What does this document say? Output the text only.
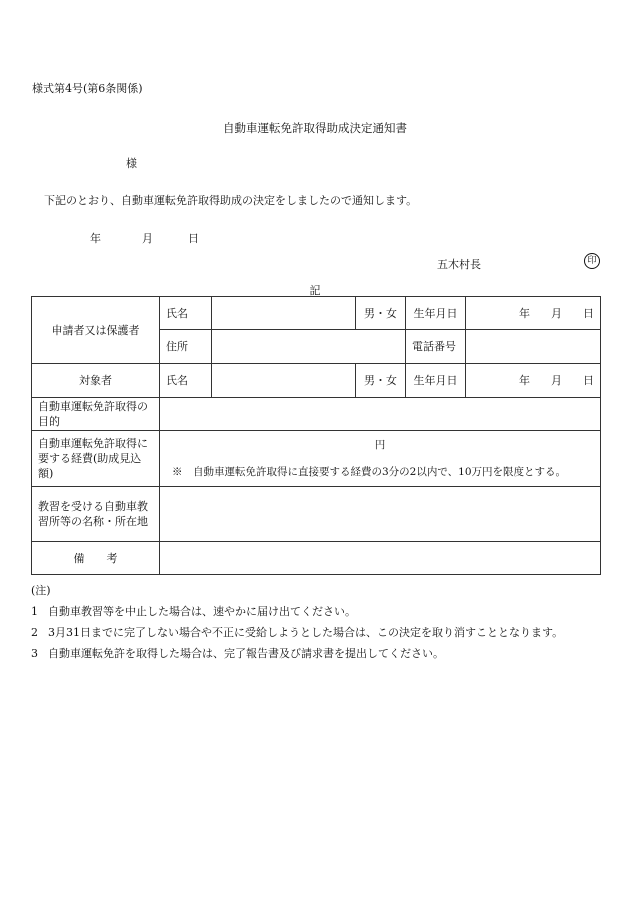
様式第4号(第6条関係)
自動車運転免許取得助成決定通知書
様
下記のとおり、自動車運転免許取得助成の決定をしましたので通知します。
年	月	日
五木村長	印
記
申請者又は保護者	氏名		男・女	生年月日	年 月 日
	住所			電話番号	
対象者	氏名		男・女	生年月日	年 月 日
自動車運転免許取得の目的					
自動車運転免許取得に要する経費(助成見込額)	円
※　自動車運転免許取得に直接要する経費の3分の2以内で、10万円を限度とする。				

教習を受ける自動車教習所等の名称・所在地					
備　　考					
(注)
1 自動車教習等を中止した場合は、速やかに届け出てください。
2 3月31日までに完了しない場合や不正に受給しようとした場合は、この決定を取り消すこととなります。
3 自動車運転免許を取得した場合は、完了報告書及び請求書を提出してください。
